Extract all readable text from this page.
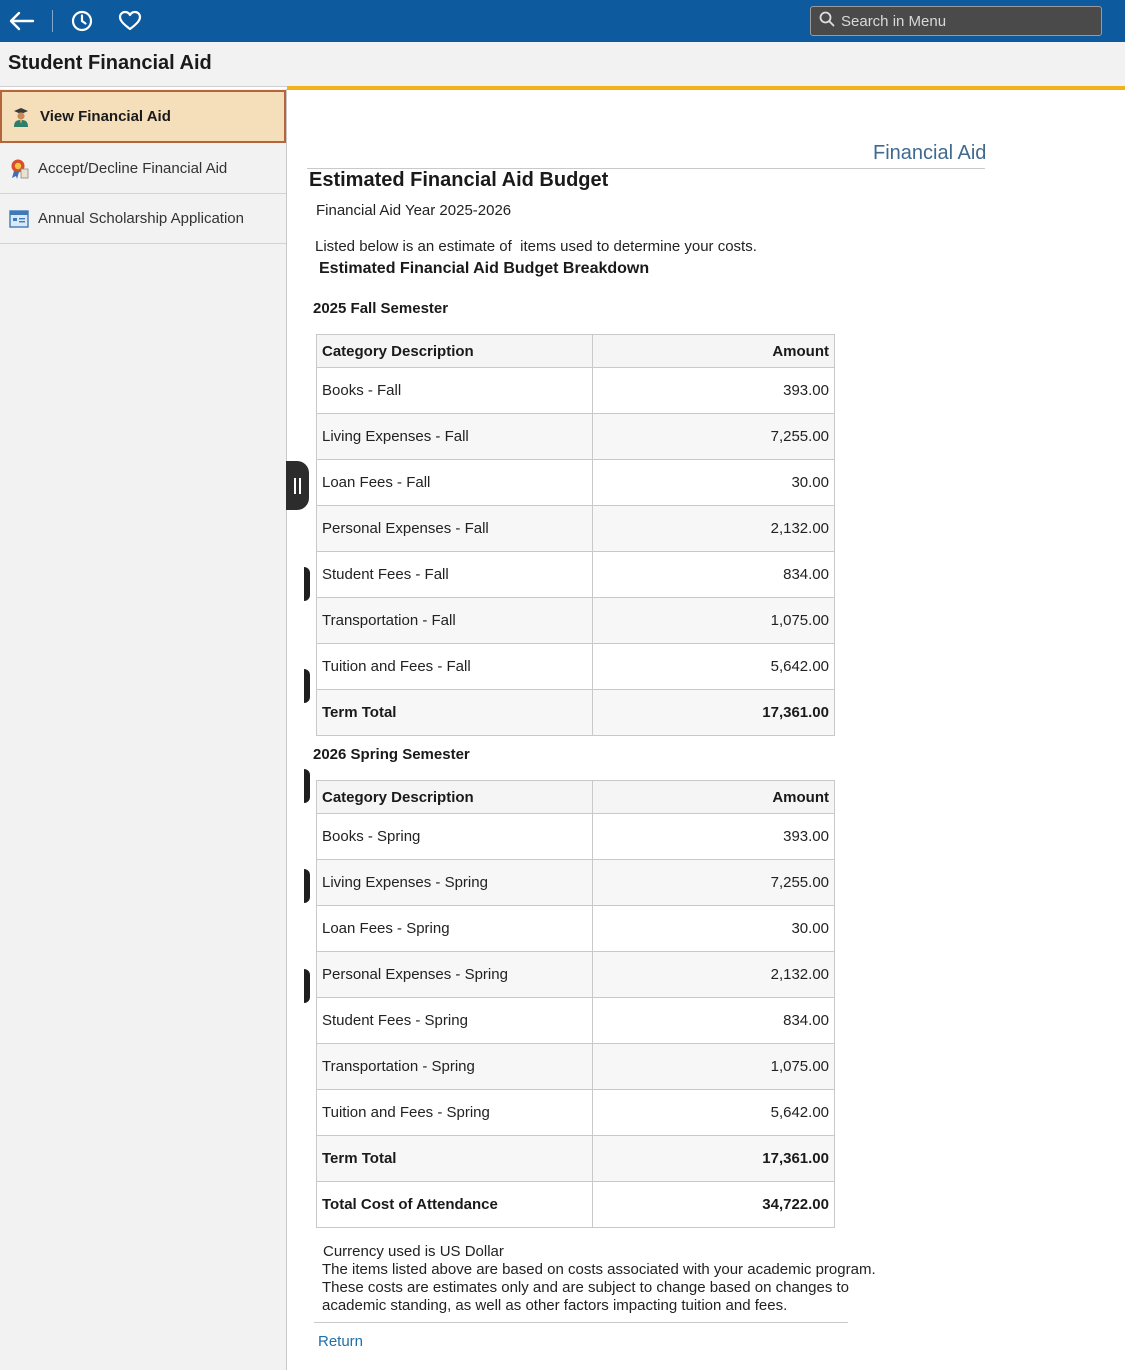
Search in Menu
Student Financial Aid
View Financial Aid
Accept/Decline Financial Aid
Annual Scholarship Application
Financial Aid
Estimated Financial Aid Budget
Financial Aid Year 2025-2026
Listed below is an estimate of  items used to determine your costs.
Estimated Financial Aid Budget Breakdown
2025 Fall Semester
Category Description	Amount
Books - Fall	393.00
Living Expenses - Fall	7,255.00
Loan Fees - Fall	30.00
Personal Expenses - Fall	2,132.00
Student Fees - Fall	834.00
Transportation - Fall	1,075.00
Tuition and Fees - Fall	5,642.00
Term Total	17,361.00
2026 Spring Semester
Category Description	Amount
Books - Spring	393.00
Living Expenses - Spring	7,255.00
Loan Fees - Spring	30.00
Personal Expenses - Spring	2,132.00
Student Fees - Spring	834.00
Transportation - Spring	1,075.00
Tuition and Fees - Spring	5,642.00
Term Total	17,361.00
Total Cost of Attendance	34,722.00
Currency used is US Dollar
The items listed above are based on costs associated with your academic program.
These costs are estimates only and are subject to change based on changes to
academic standing, as well as other factors impacting tuition and fees.
Return
